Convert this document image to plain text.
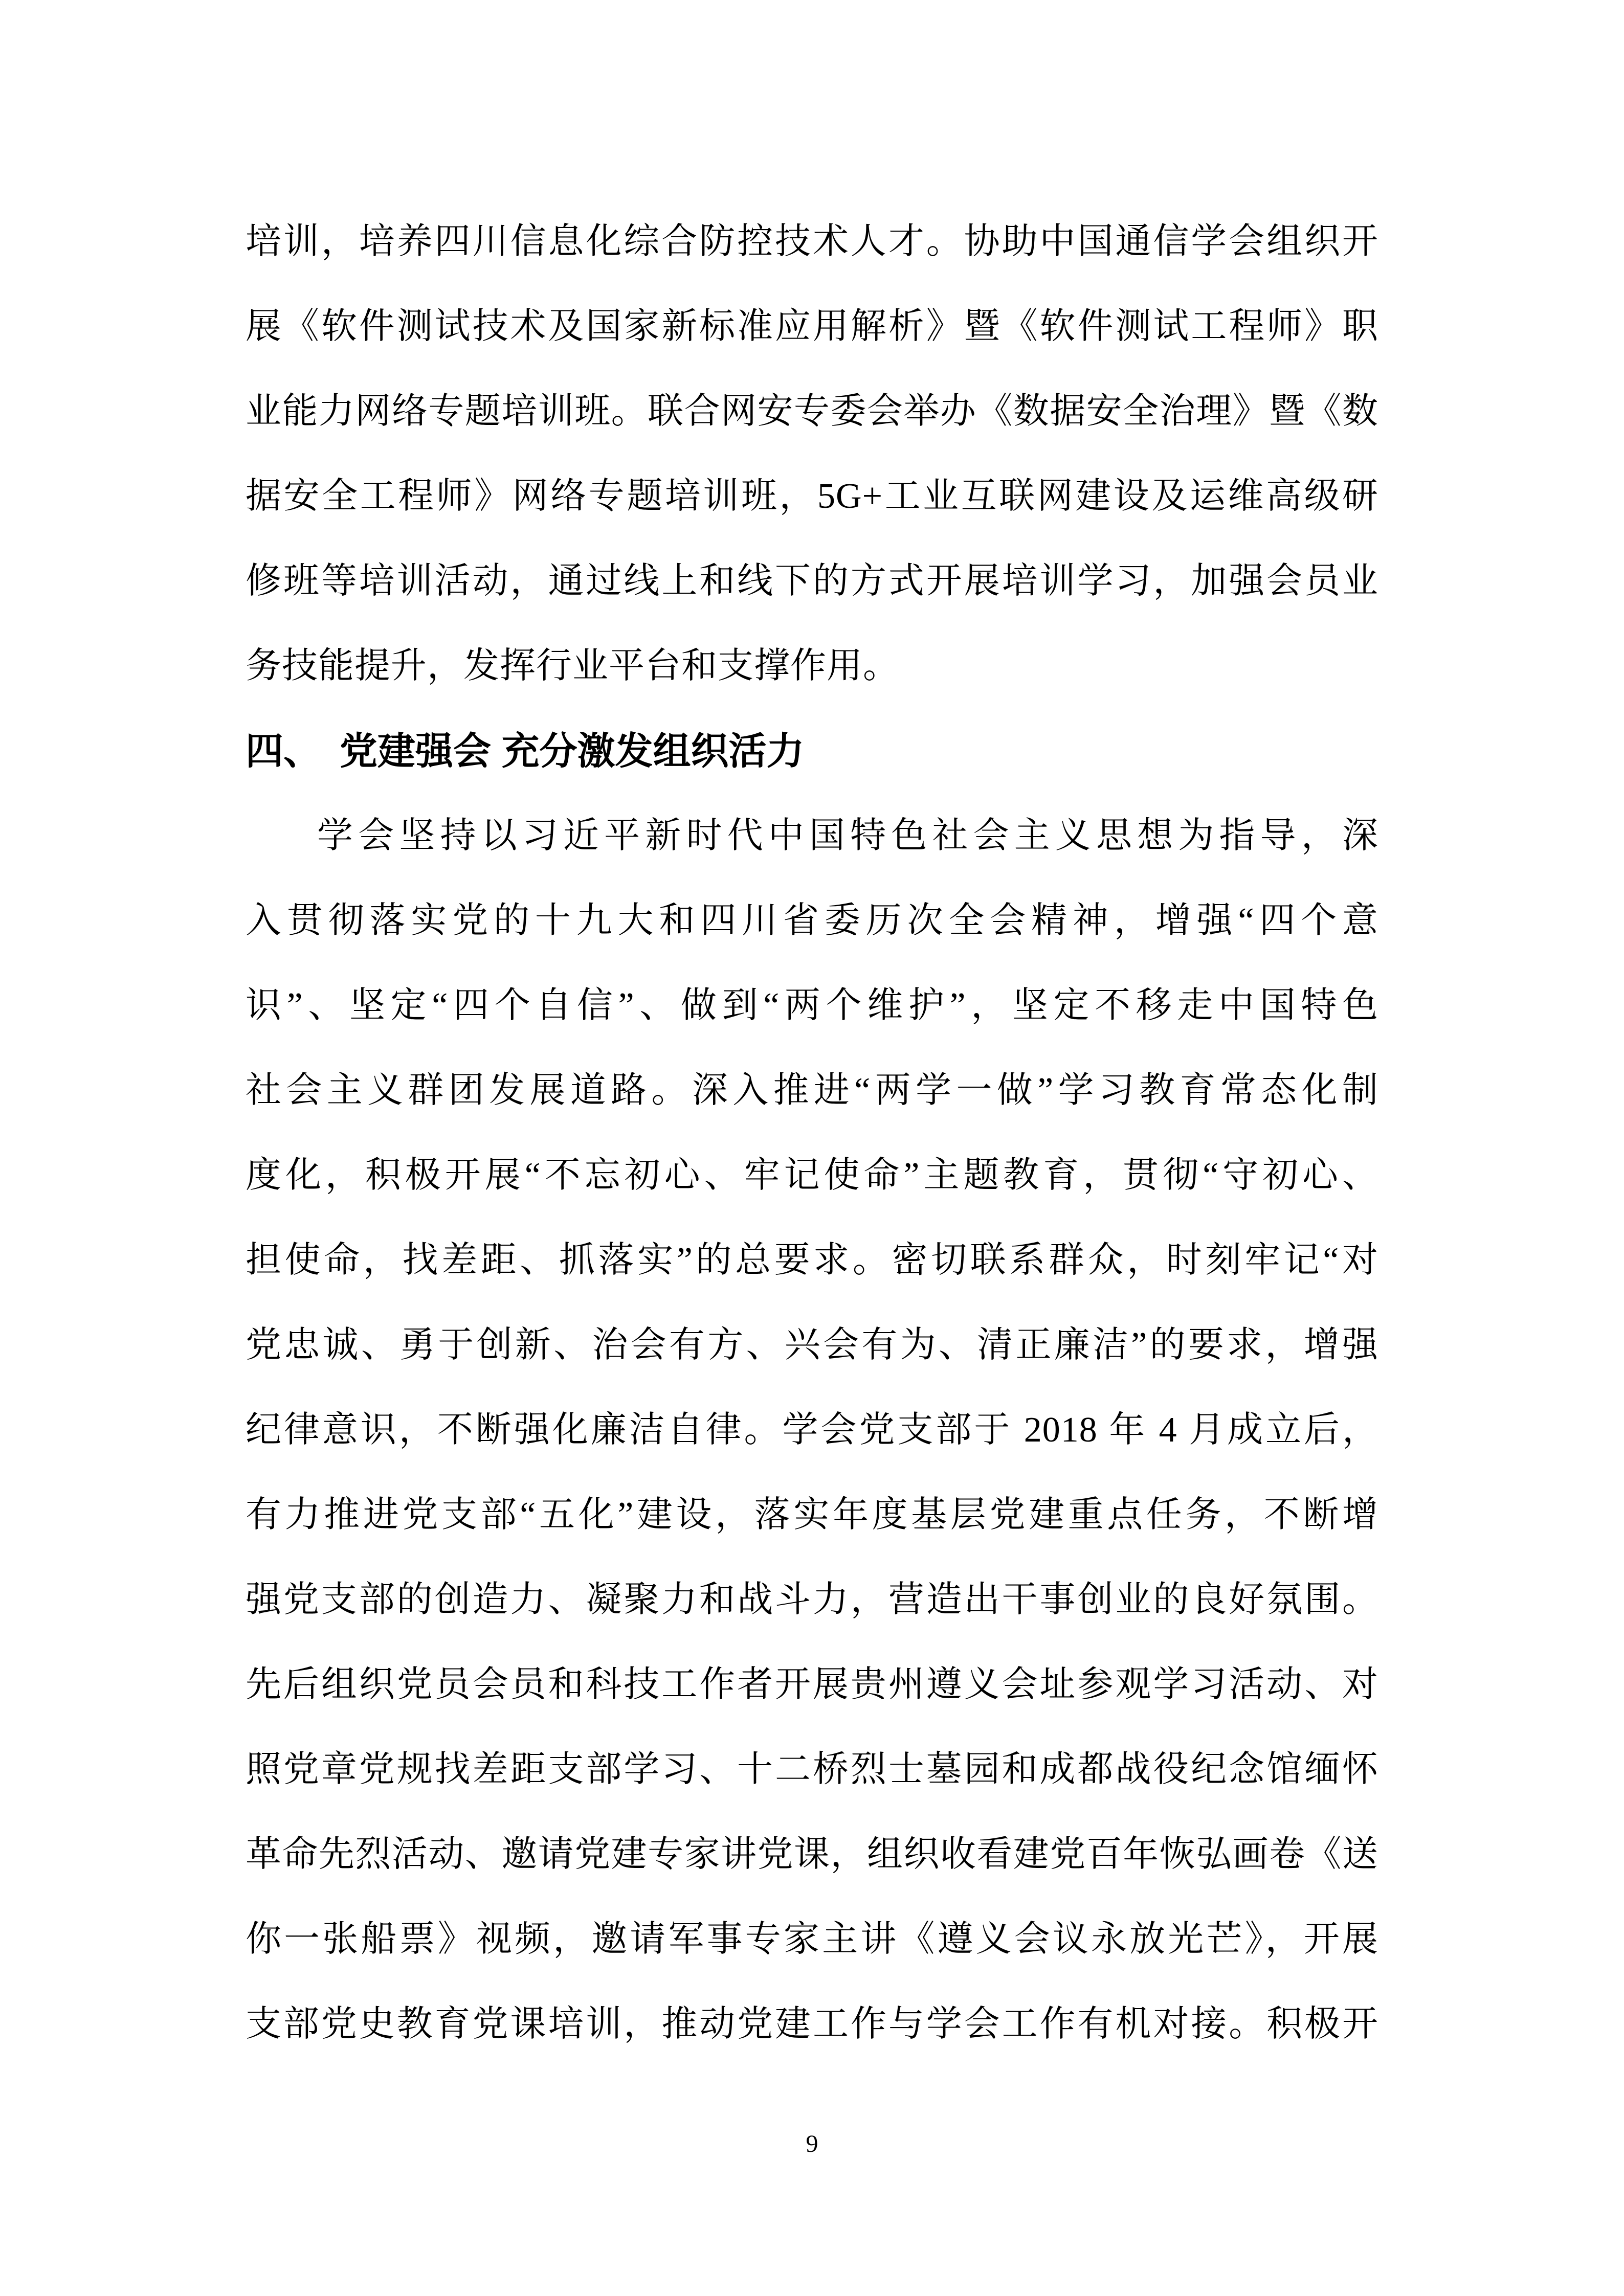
培训，培养四川信息化综合防控技术人才。协助中国通信学会组织开
展《软件测试技术及国家新标准应用解析》暨《软件测试工程师》职
业能力网络专题培训班。联合网安专委会举办《数据安全治理》暨《数
据安全工程师》网络专题培训班，5G+工业互联网建设及运维高级研
修班等培训活动，通过线上和线下的方式开展培训学习，加强会员业
务技能提升，发挥行业平台和支撑作用。
四、 党建强会 充分激发组织活力
学会坚持以习近平新时代中国特色社会主义思想为指导，深
入贯彻落实党的十九大和四川省委历次全会精神，增强“四个意
识”、坚定“四个自信”、做到“两个维护”，坚定不移走中国特色
社会主义群团发展道路。深入推进“两学一做”学习教育常态化制
度化，积极开展“不忘初心、牢记使命”主题教育，贯彻“守初心、
担使命，找差距、抓落实”的总要求。密切联系群众，时刻牢记“对
党忠诚、勇于创新、治会有方、兴会有为、清正廉洁”的要求，增强
纪律意识，不断强化廉洁自律。学会党支部于 2018 年 4 月成立后，
有力推进党支部“五化”建设，落实年度基层党建重点任务，不断增
强党支部的创造力、凝聚力和战斗力，营造出干事创业的良好氛围。
先后组织党员会员和科技工作者开展贵州遵义会址参观学习活动、对
照党章党规找差距支部学习、十二桥烈士墓园和成都战役纪念馆缅怀
革命先烈活动、邀请党建专家讲党课，组织收看建党百年恢弘画卷《送
你一张船票》视频，邀请军事专家主讲《遵义会议永放光芒》，开展
支部党史教育党课培训，推动党建工作与学会工作有机对接。积极开
9
